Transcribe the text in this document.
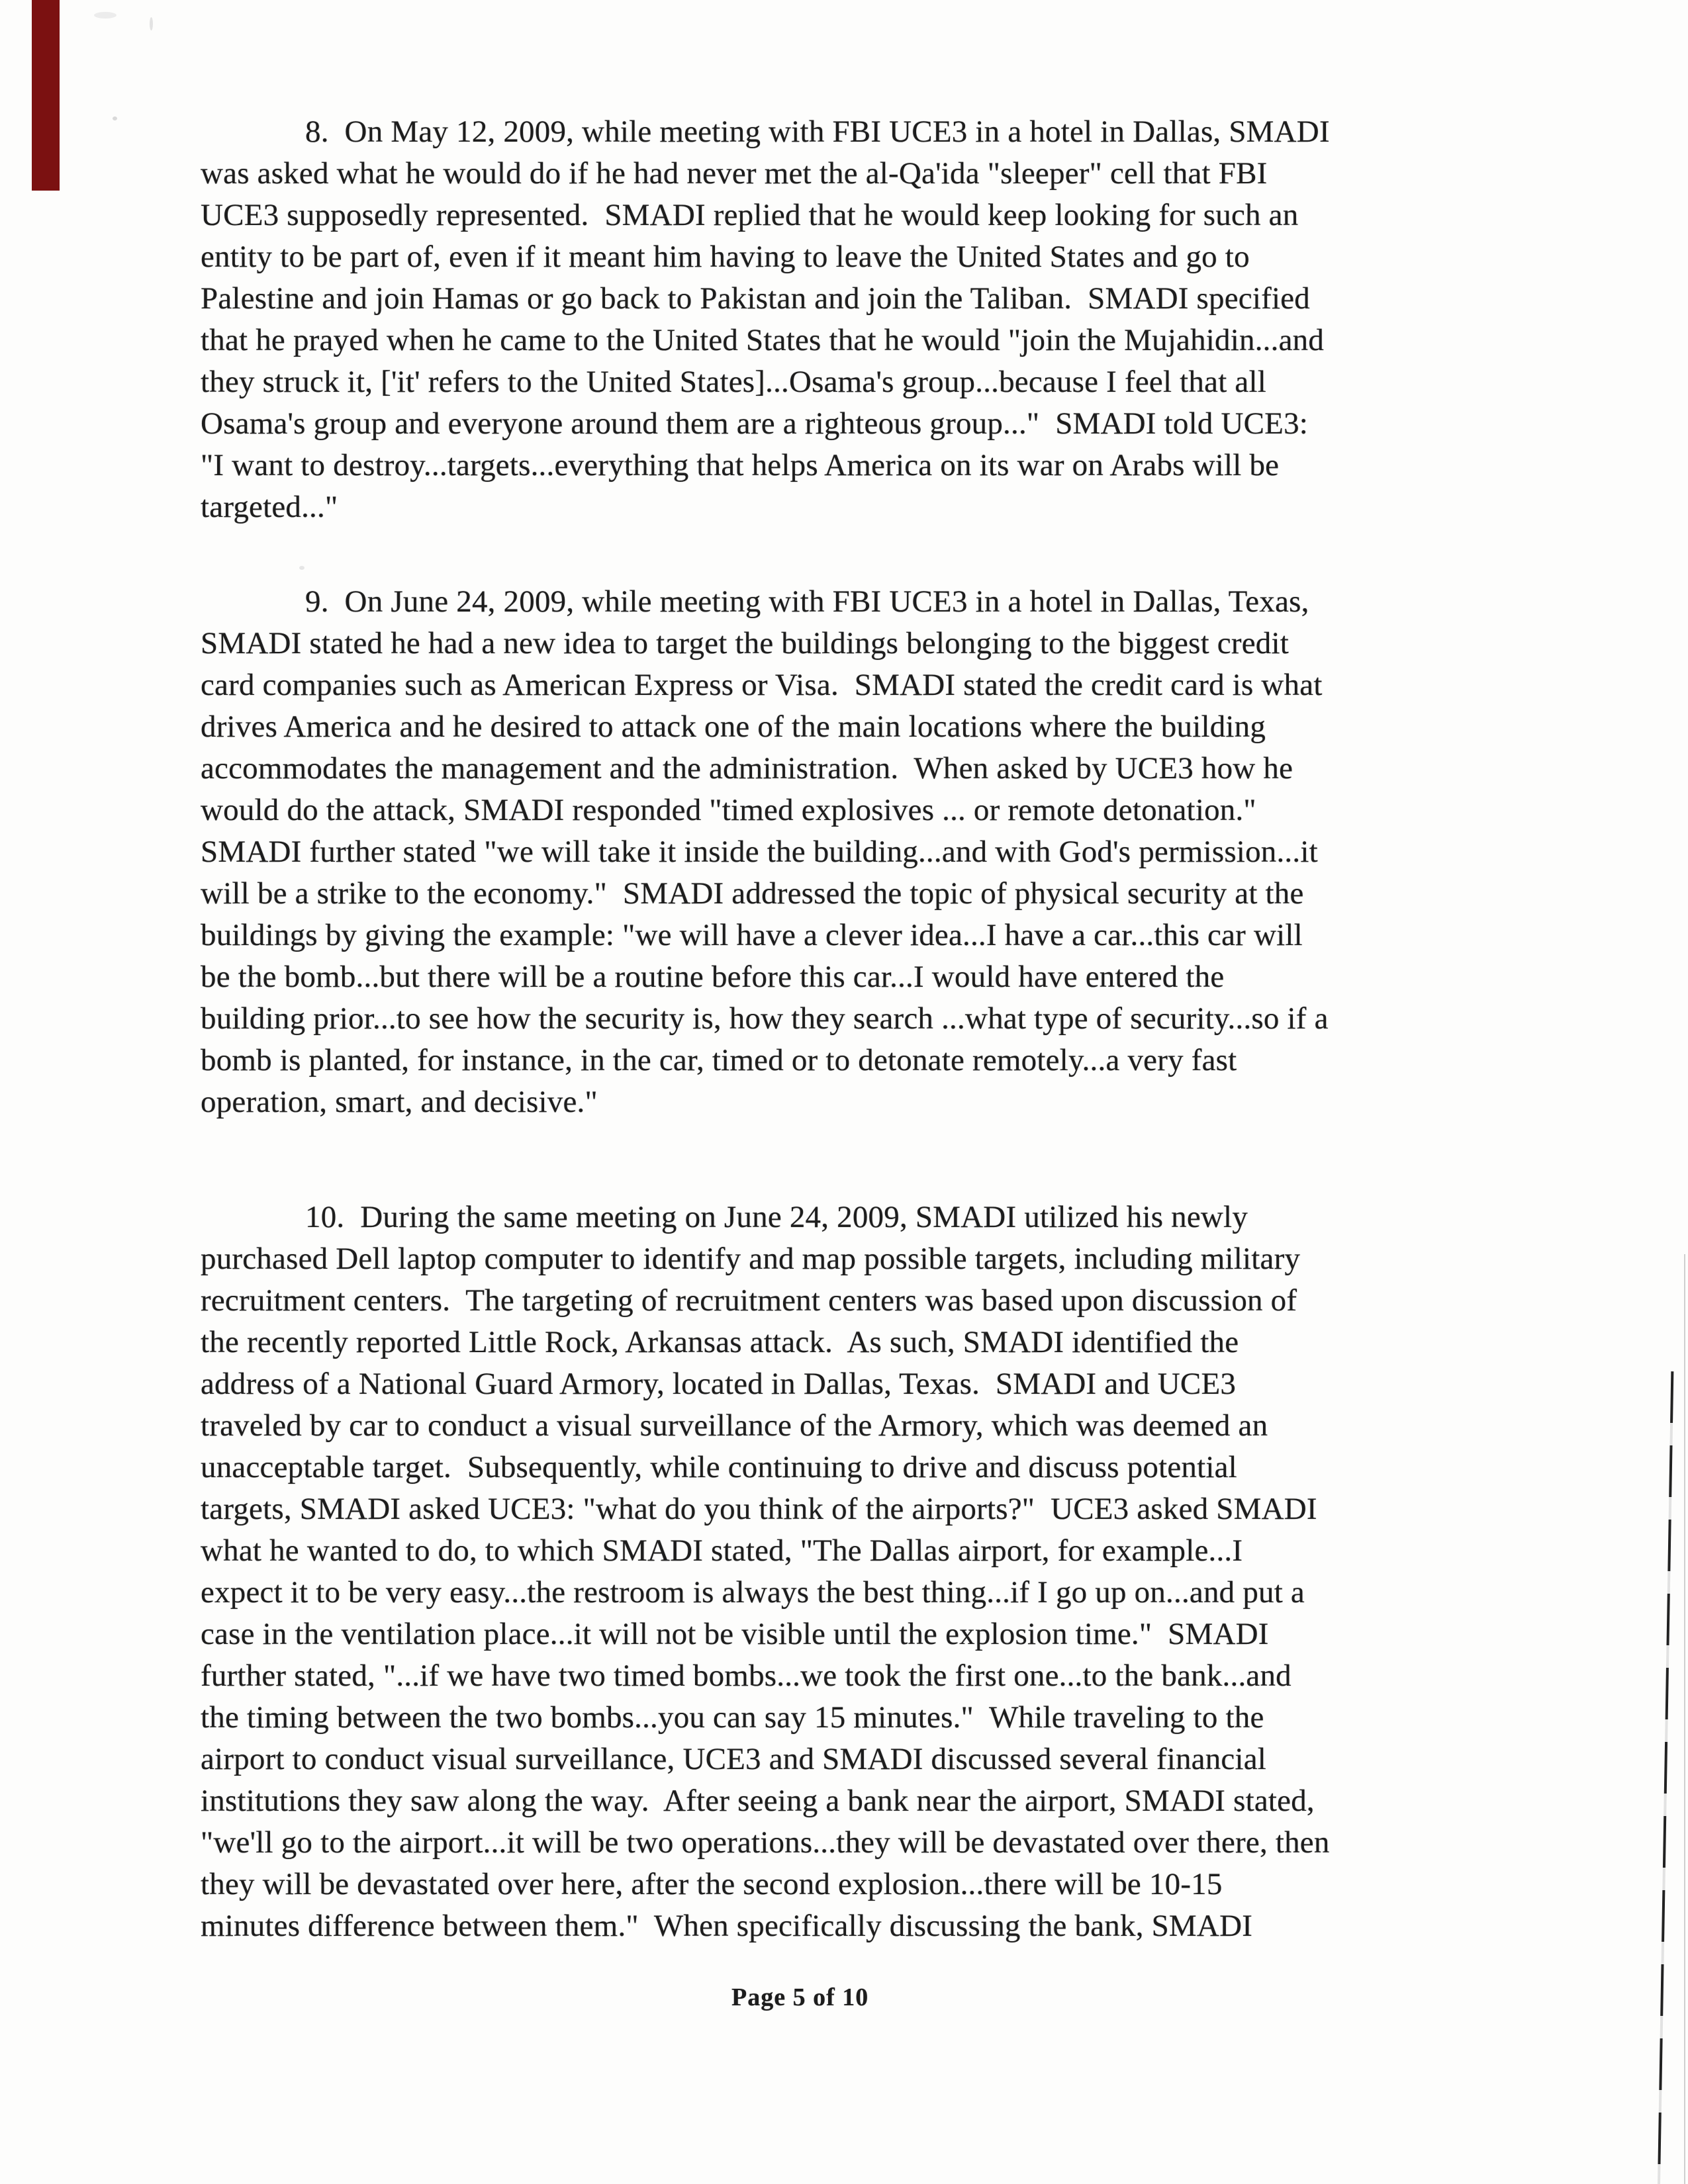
8.  On May 12, 2009, while meeting with FBI UCE3 in a hotel in Dallas, SMADI
was asked what he would do if he had never met the al-Qa'ida "sleeper" cell that FBI
UCE3 supposedly represented.  SMADI replied that he would keep looking for such an
entity to be part of, even if it meant him having to leave the United States and go to
Palestine and join Hamas or go back to Pakistan and join the Taliban.  SMADI specified
that he prayed when he came to the United States that he would "join the Mujahidin...and
they struck it, ['it' refers to the United States]...Osama's group...because I feel that all
Osama's group and everyone around them are a righteous group..."  SMADI told UCE3:
"I want to destroy...targets...everything that helps America on its war on Arabs will be
targeted..."
9.  On June 24, 2009, while meeting with FBI UCE3 in a hotel in Dallas, Texas,
SMADI stated he had a new idea to target the buildings belonging to the biggest credit
card companies such as American Express or Visa.  SMADI stated the credit card is what
drives America and he desired to attack one of the main locations where the building
accommodates the management and the administration.  When asked by UCE3 how he
would do the attack, SMADI responded "timed explosives ... or remote detonation."
SMADI further stated "we will take it inside the building...and with God's permission...it
will be a strike to the economy."  SMADI addressed the topic of physical security at the
buildings by giving the example: "we will have a clever idea...I have a car...this car will
be the bomb...but there will be a routine before this car...I would have entered the
building prior...to see how the security is, how they search ...what type of security...so if a
bomb is planted, for instance, in the car, timed or to detonate remotely...a very fast
operation, smart, and decisive."
10.  During the same meeting on June 24, 2009, SMADI utilized his newly
purchased Dell laptop computer to identify and map possible targets, including military
recruitment centers.  The targeting of recruitment centers was based upon discussion of
the recently reported Little Rock, Arkansas attack.  As such, SMADI identified the
address of a National Guard Armory, located in Dallas, Texas.  SMADI and UCE3
traveled by car to conduct a visual surveillance of the Armory, which was deemed an
unacceptable target.  Subsequently, while continuing to drive and discuss potential
targets, SMADI asked UCE3: "what do you think of the airports?"  UCE3 asked SMADI
what he wanted to do, to which SMADI stated, "The Dallas airport, for example...I
expect it to be very easy...the restroom is always the best thing...if I go up on...and put a
case in the ventilation place...it will not be visible until the explosion time."  SMADI
further stated, "...if we have two timed bombs...we took the first one...to the bank...and
the timing between the two bombs...you can say 15 minutes."  While traveling to the
airport to conduct visual surveillance, UCE3 and SMADI discussed several financial
institutions they saw along the way.  After seeing a bank near the airport, SMADI stated,
"we'll go to the airport...it will be two operations...they will be devastated over there, then
they will be devastated over here, after the second explosion...there will be 10-15
minutes difference between them."  When specifically discussing the bank, SMADI
Page 5 of 10
